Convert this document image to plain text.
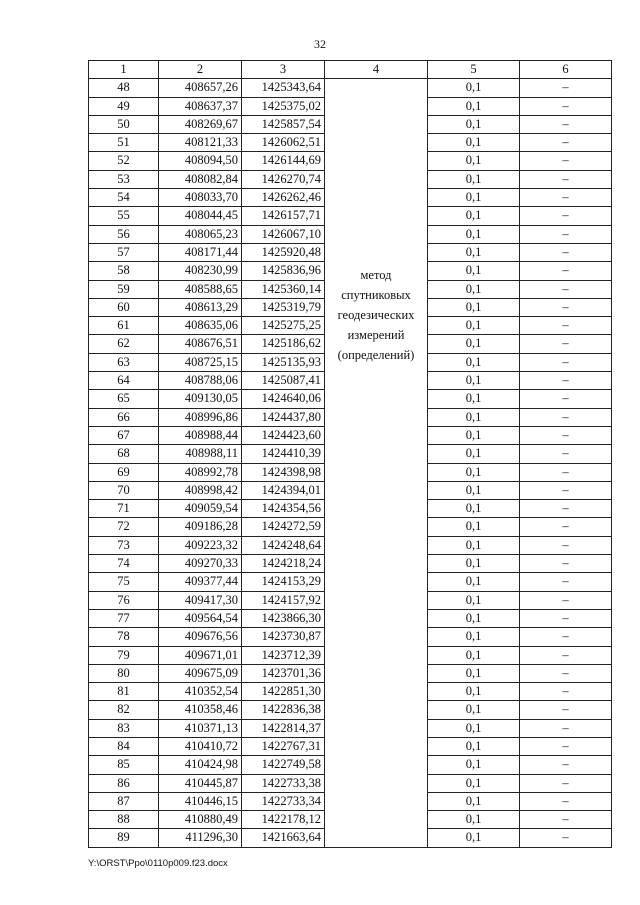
32
1	2	3	4	5	6
48	408657,26	1425343,64	метод спутниковых геодезических измерений (определений)	0,1	–
49	408637,37	1425375,02		0,1	–
50	408269,67	1425857,54		0,1	–
51	408121,33	1426062,51		0,1	–
52	408094,50	1426144,69		0,1	–
53	408082,84	1426270,74		0,1	–
54	408033,70	1426262,46		0,1	–
55	408044,45	1426157,71		0,1	–
56	408065,23	1426067,10		0,1	–
57	408171,44	1425920,48		0,1	–
58	408230,99	1425836,96		0,1	–
59	408588,65	1425360,14		0,1	–
60	408613,29	1425319,79		0,1	–
61	408635,06	1425275,25		0,1	–
62	408676,51	1425186,62		0,1	–
63	408725,15	1425135,93		0,1	–
64	408788,06	1425087,41		0,1	–
65	409130,05	1424640,06		0,1	–
66	408996,86	1424437,80		0,1	–
67	408988,44	1424423,60		0,1	–
68	408988,11	1424410,39		0,1	–
69	408992,78	1424398,98		0,1	–
70	408998,42	1424394,01		0,1	–
71	409059,54	1424354,56		0,1	–
72	409186,28	1424272,59		0,1	–
73	409223,32	1424248,64		0,1	–
74	409270,33	1424218,24		0,1	–
75	409377,44	1424153,29		0,1	–
76	409417,30	1424157,92		0,1	–
77	409564,54	1423866,30		0,1	–
78	409676,56	1423730,87		0,1	–
79	409671,01	1423712,39		0,1	–
80	409675,09	1423701,36		0,1	–
81	410352,54	1422851,30		0,1	–
82	410358,46	1422836,38		0,1	–
83	410371,13	1422814,37		0,1	–
84	410410,72	1422767,31		0,1	–
85	410424,98	1422749,58		0,1	–
86	410445,87	1422733,38		0,1	–
87	410446,15	1422733,34		0,1	–
88	410880,49	1422178,12		0,1	–
89	411296,30	1421663,64		0,1	–
Y:\ORST\Ppo\0110p009.f23.docx
